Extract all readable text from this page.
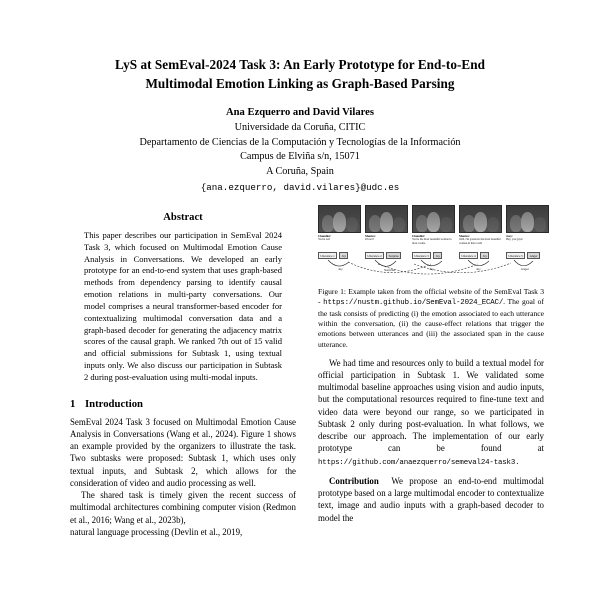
LyS at SemEval-2024 Task 3: An Early Prototype for End-to-End
Multimodal Emotion Linking as Graph-Based Parsing
Ana Ezquerro and David Vilares
Universidade da Coruña, CITIC
Departamento de Ciencias de la Computación y Tecnologías de la Información
Campus de Elviña s/n, 15071
A Coruña, Spain
{ana.ezquerro, david.vilares}@udc.es
Abstract
This paper describes our participation in SemEval 2024 Task 3, which focused on Multimodal Emotion Cause Analysis in Conversations. We developed an early prototype for an end-to-end system that uses graph-based methods from dependency parsing to identify causal emotion relations in multi-party conversations. Our model comprises a neural transformer-based encoder for contextualizing multimodal conversation data and a graph-based decoder for generating the adjacency matrix scores of the causal graph. We ranked 7th out of 15 valid and official submissions for Subtask 1, using textual inputs only. We also discuss our participation in Subtask 2 during post-evaluation using multi-modal inputs.
1 Introduction

SemEval 2024 Task 3 focused on Multimodal Emotion Cause Analysis in Conversations (Wang et al., 2024). Figure 1 shows an example provided by the organizers to illustrate the task. Two subtasks were proposed: Subtask 1, which uses only textual inputs, and Subtask 2, which allows for the consideration of video and audio processing as well.

The shared task is timely given the recent success of multimodal architectures combining computer vision (Redmon et al., 2016; Wang et al., 2023b),

natural language processing (Devlin et al., 2019,

Chandler:
You're not!
Monica:
I'm not?
Chandler:
You're the most beautiful woman in most rooms.
Monica:
Well, I'm gonna be the most beautiful woman in this room!
Joey:
Hey, you guys!
Utterance 1	Joy	Utterance 2	Surprise	Utterance 3	Joy	Utterance 4	Joy	Utterance 5	Anger
Joy	Surprise	Joy	Joy	Anger
Figure 1: Example taken from the official website of the SemEval Task 3 - https://nustm.github.io/SemEval-2024_ECAC/. The goal of the task consists of predicting (i) the emotion associated to each utterance within the conversation, (ii) the cause-effect relations that trigger the emotions between utterances and (iii) the associated span in the cause utterance.

We had time and resources only to build a textual model for official participation in Subtask 1. We validated some multimodal baseline approaches using vision and audio inputs, but the computational resources required to fine-tune text and video data were beyond our range, so we participated in Subtask 2 only during post-evaluation. In what follows, we describe our approach. The implementation of our early prototype can be found at https://github.com/anaezquerro/semeval24-task3.

Contribution We propose an end-to-end multimodal prototype based on a large multimodal encoder to contextualize text, image and audio inputs with a graph-based decoder to model the
